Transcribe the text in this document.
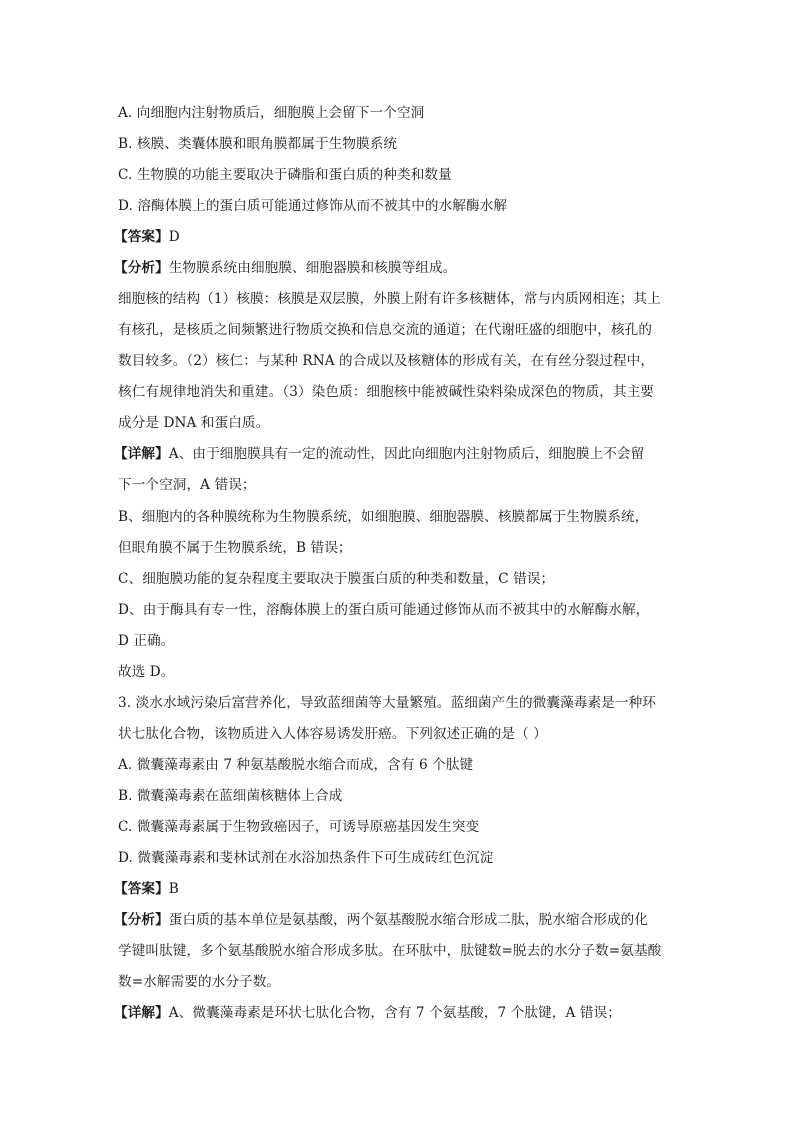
A. 向细胞内注射物质后，细胞膜上会留下一个空洞
B. 核膜、类囊体膜和眼角膜都属于生物膜系统
C. 生物膜的功能主要取决于磷脂和蛋白质的种类和数量
D. 溶酶体膜上的蛋白质可能通过修饰从而不被其中的水解酶水解
【答案】D
【分析】生物膜系统由细胞膜、细胞器膜和核膜等组成。
细胞核的结构（1）核膜：核膜是双层膜，外膜上附有许多核糖体，常与内质网相连；其上
有核孔，是核质之间频繁进行物质交换和信息交流的通道；在代谢旺盛的细胞中，核孔的
数目较多。（2）核仁：与某种 RNA 的合成以及核糖体的形成有关，在有丝分裂过程中，
核仁有规律地消失和重建。（3）染色质：细胞核中能被碱性染料染成深色的物质，其主要
成分是 DNA 和蛋白质。
【详解】A、由于细胞膜具有一定的流动性，因此向细胞内注射物质后，细胞膜上不会留
下一个空洞，A 错误；
B、细胞内的各种膜统称为生物膜系统，如细胞膜、细胞器膜、核膜都属于生物膜系统，
但眼角膜不属于生物膜系统，B 错误；
C、细胞膜功能的复杂程度主要取决于膜蛋白质的种类和数量，C 错误；
D、由于酶具有专一性，溶酶体膜上的蛋白质可能通过修饰从而不被其中的水解酶水解，
D 正确。
故选 D。
3. 淡水水域污染后富营养化，导致蓝细菌等大量繁殖。蓝细菌产生的微囊藻毒素是一种环
状七肽化合物，该物质进入人体容易诱发肝癌。下列叙述正确的是（ ）
A. 微囊藻毒素由 7 种氨基酸脱水缩合而成，含有 6 个肽键
B. 微囊藻毒素在蓝细菌核糖体上合成
C. 微囊藻毒素属于生物致癌因子，可诱导原癌基因发生突变
D. 微囊藻毒素和斐林试剂在水浴加热条件下可生成砖红色沉淀
【答案】B
【分析】蛋白质的基本单位是氨基酸，两个氨基酸脱水缩合形成二肽，脱水缩合形成的化
学键叫肽键，多个氨基酸脱水缩合形成多肽。在环肽中，肽键数=脱去的水分子数=氨基酸
数=水解需要的水分子数。
【详解】A、微囊藻毒素是环状七肽化合物，含有 7 个氨基酸，7 个肽键，A 错误；
